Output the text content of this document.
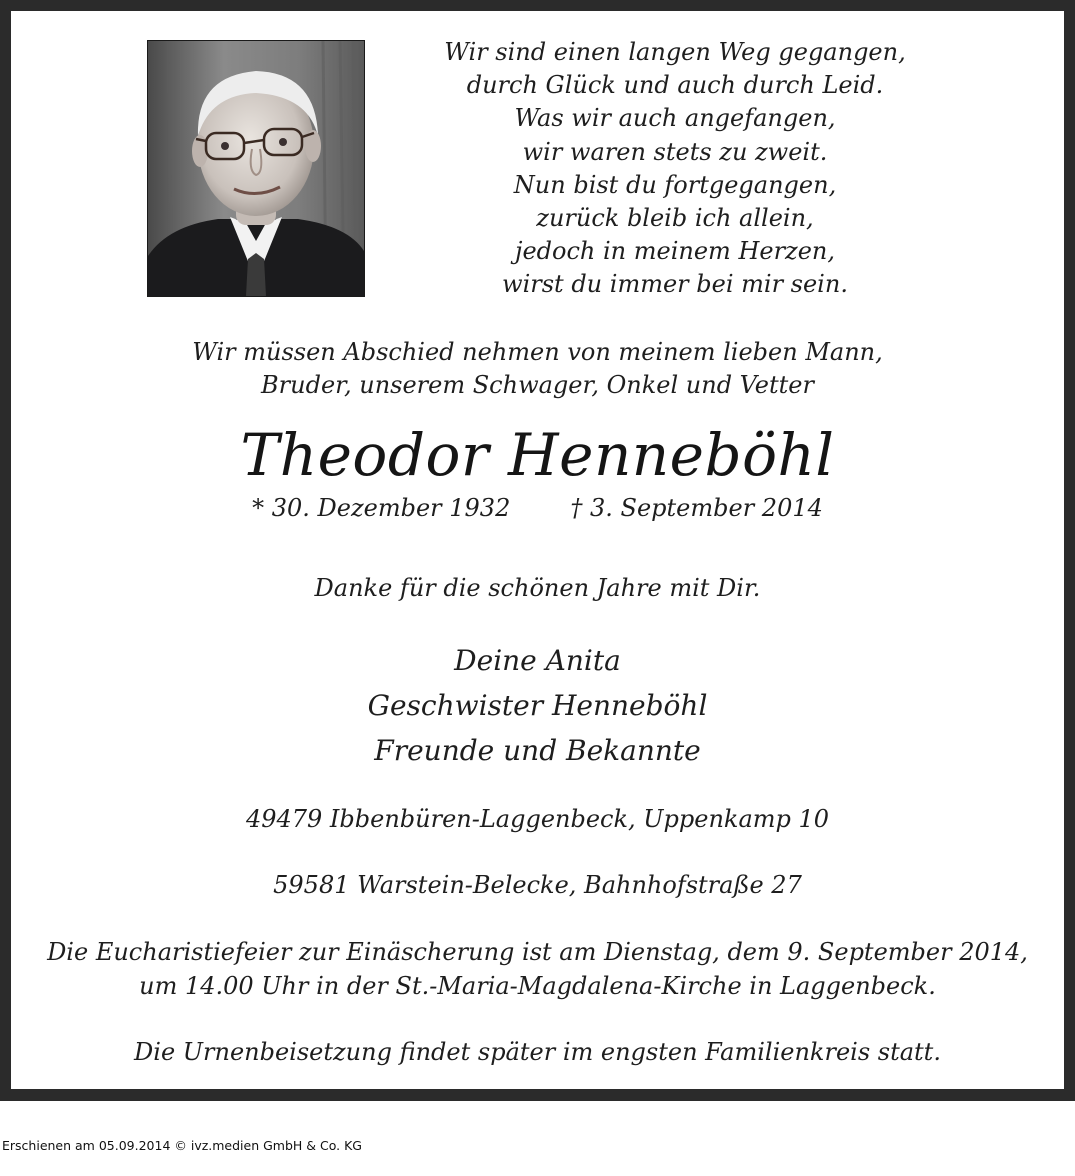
Wir sind einen langen Weg gegangen,
durch Glück und auch durch Leid.
Was wir auch angefangen,
wir waren stets zu zweit.
Nun bist du fortgegangen,
zurück bleib ich allein,
jedoch in meinem Herzen,
wirst du immer bei mir sein.
Wir müssen Abschied nehmen von meinem lieben Mann,
Bruder, unserem Schwager, Onkel und Vetter
Theodor Henneböhl
* 30. Dezember 1932	† 3. September 2014
Danke für die schönen Jahre mit Dir.
Deine Anita
Geschwister Henneböhl
Freunde und Bekannte
49479 Ibbenbüren-Laggenbeck, Uppenkamp 10
59581 Warstein-Belecke, Bahnhofstraße 27
Die Eucharistiefeier zur Einäscherung ist am Dienstag, dem 9. September 2014,
um 14.00 Uhr in der St.-Maria-Magdalena-Kirche in Laggenbeck.
Die Urnenbeisetzung findet später im engsten Familienkreis statt.
Erschienen am 05.09.2014 © ivz.medien GmbH & Co. KG
